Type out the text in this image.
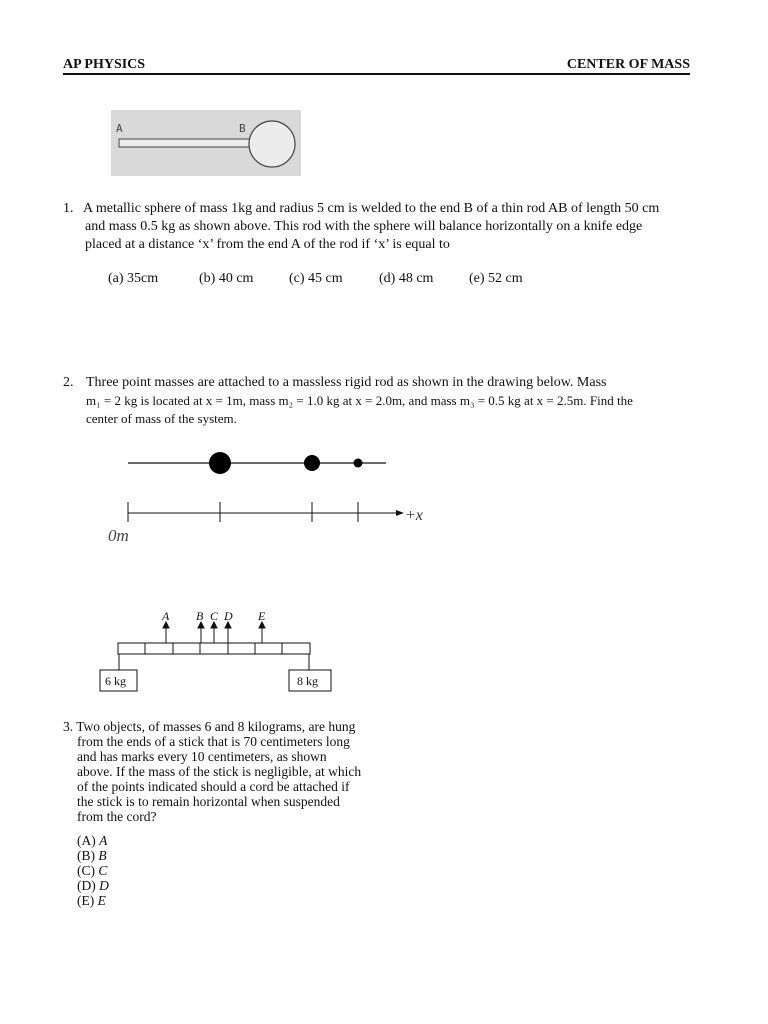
AP PHYSICS	CENTER OF MASS
A	B
1. A metallic sphere of mass 1kg and radius 5 cm is welded to the end B of a thin rod AB of length 50 cm
and mass 0.5 kg as shown above. This rod with the sphere will balance horizontally on a knife edge
placed at a distance ‘x’ from the end A of the rod if ‘x’ is equal to
(a) 35cm	(b) 40 cm	(c) 45 cm	(d) 48 cm	(e) 52 cm
2. Three point masses are attached to a massless rigid rod as shown in the drawing below. Mass
m₁ = 2 kg is located at x = 1m, mass m₂ = 1.0 kg at x = 2.0m, and mass m₃ = 0.5 kg at x = 2.5m. Find the
center of mass of the system.
+x
0m
A B C D E
6 kg	8 kg
3. Two objects, of masses 6 and 8 kilograms, are hung
from the ends of a stick that is 70 centimeters long
and has marks every 10 centimeters, as shown
above. If the mass of the stick is negligible, at which
of the points indicated should a cord be attached if
the stick is to remain horizontal when suspended
from the cord?
(A) A
(B) B
(C) C
(D) D
(E) E
